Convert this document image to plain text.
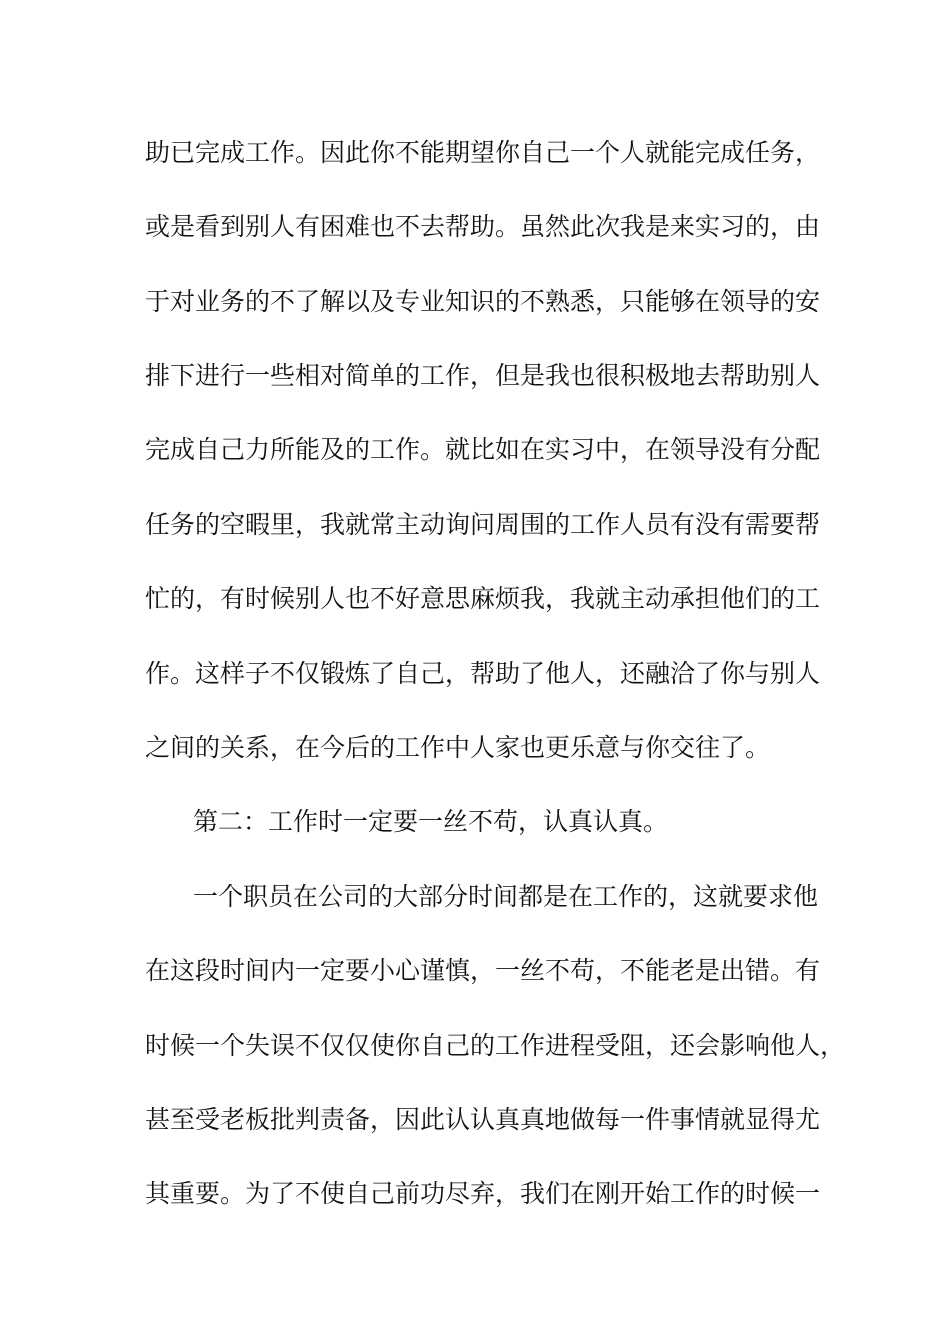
助已完成工作。因此你不能期望你自己一个人就能完成任务，

或是看到别人有困难也不去帮助。虽然此次我是来实习的，由

于对业务的不了解以及专业知识的不熟悉，只能够在领导的安

排下进行一些相对简单的工作，但是我也很积极地去帮助别人

完成自己力所能及的工作。就比如在实习中，在领导没有分配

任务的空暇里，我就常主动询问周围的工作人员有没有需要帮

忙的，有时候别人也不好意思麻烦我，我就主动承担他们的工

作。这样子不仅锻炼了自己，帮助了他人，还融洽了你与别人

之间的关系，在今后的工作中人家也更乐意与你交往了。

第二：工作时一定要一丝不苟，认真认真。

一个职员在公司的大部分时间都是在工作的，这就要求他

在这段时间内一定要小心谨慎，一丝不苟，不能老是出错。有

时候一个失误不仅仅使你自己的工作进程受阻，还会影响他人，

甚至受老板批判责备，因此认认真真地做每一件事情就显得尤

其重要。为了不使自己前功尽弃，我们在刚开始工作的时候一
